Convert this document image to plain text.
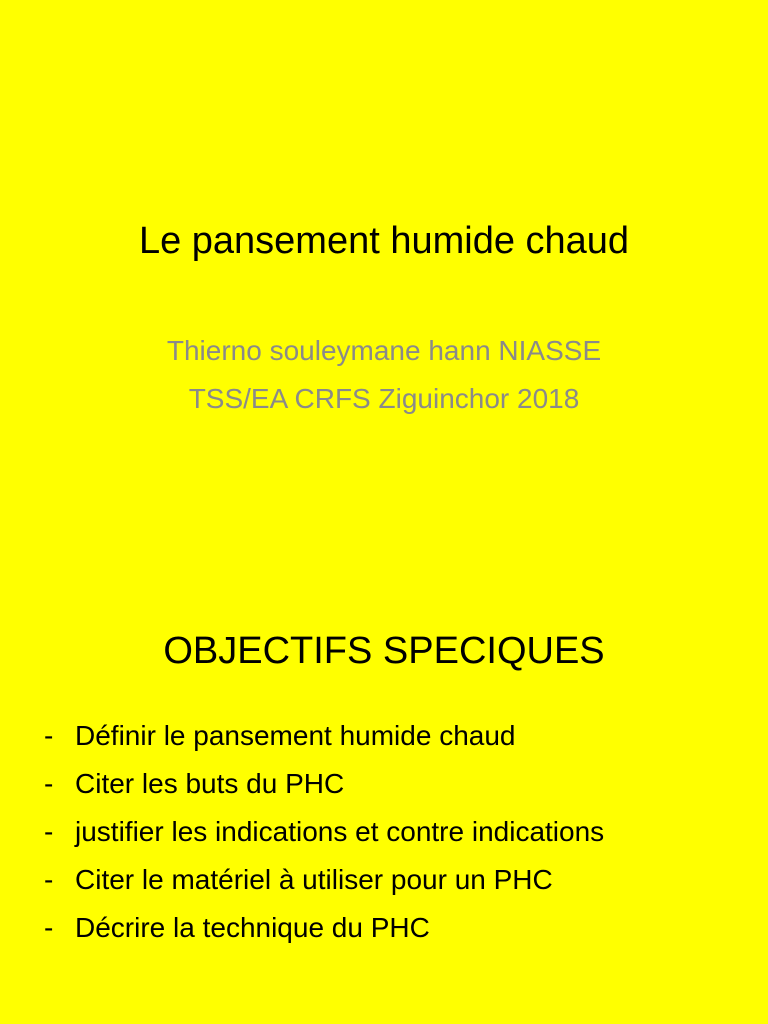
Le pansement humide chaud
Thierno souleymane hann NIASSE
TSS/EA CRFS Ziguinchor 2018
OBJECTIFS SPECIQUES
- Définir le pansement humide chaud
- Citer les buts du PHC
- justifier les indications et contre indications
- Citer le matériel à utiliser pour un PHC
- Décrire la technique du PHC
